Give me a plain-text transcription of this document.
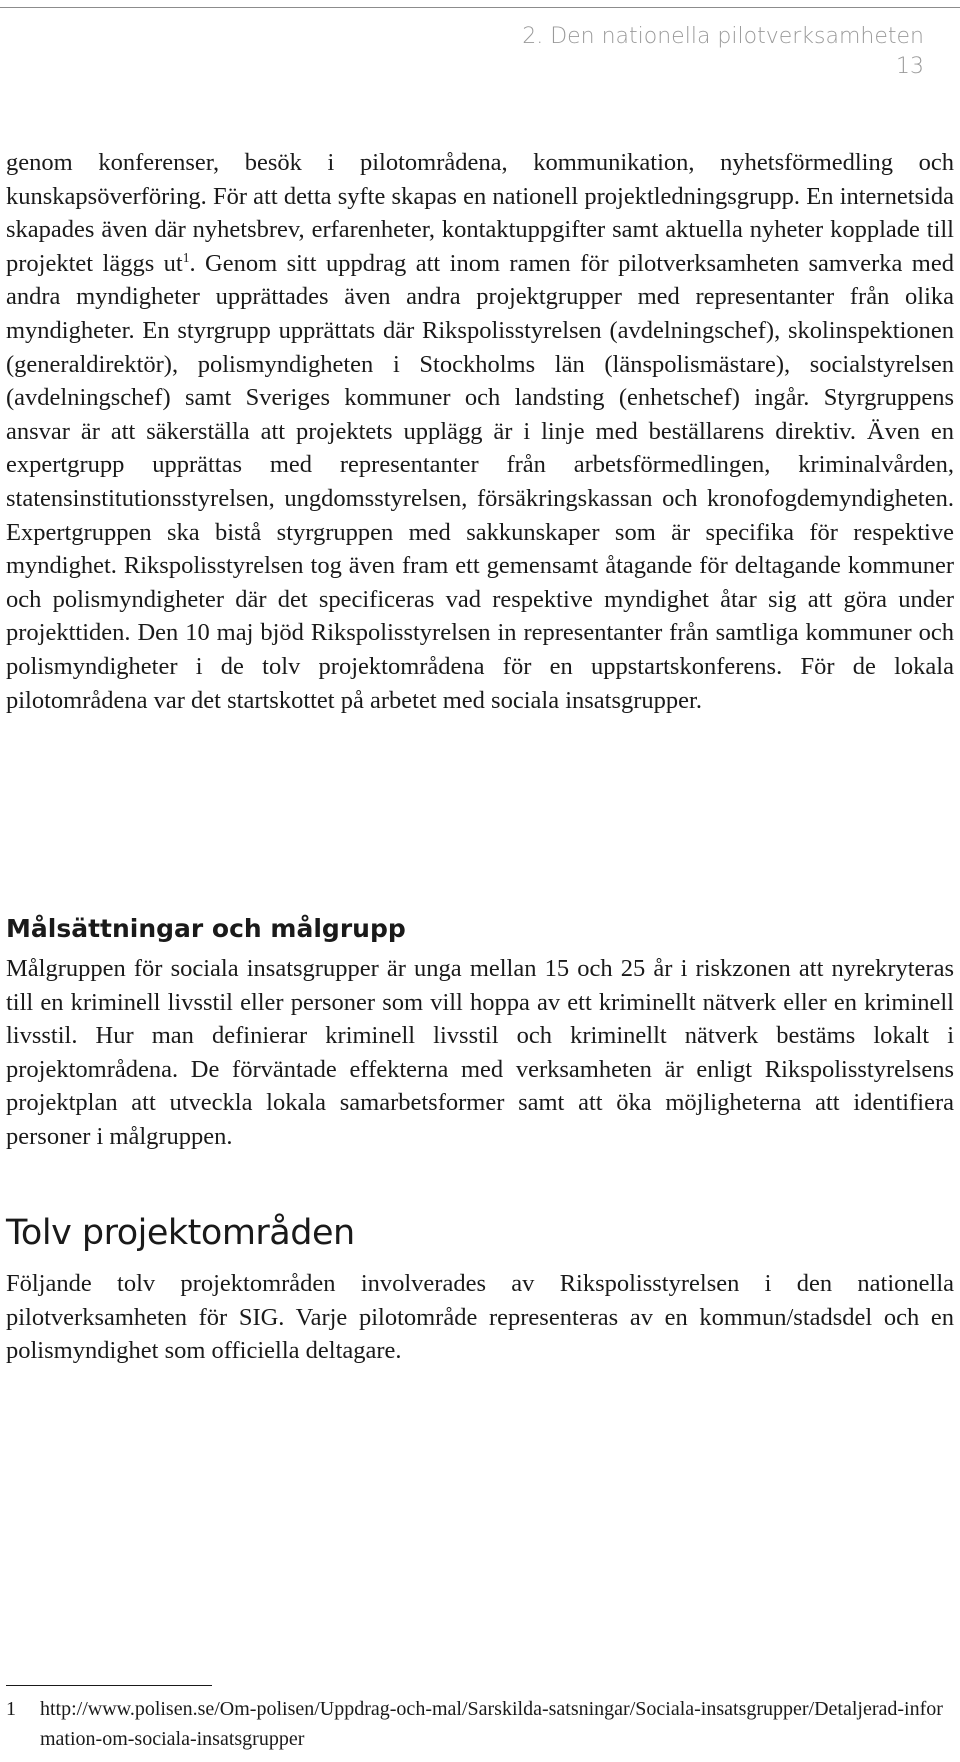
2. Den nationella pilotverksamheten
13

genom konferenser, besök i pilotområdena, kommunikation, nyhetsförmedling och kunskapsöverföring. För att detta syfte skapas en nationell projektledningsgrupp. En internetsida skapades även där nyhetsbrev, erfarenheter, kontaktuppgifter samt aktuella nyheter kopplade till projektet läggs $ut^1$. Genom sitt uppdrag att inom ramen för pilotverksamheten samverka med andra myndigheter upprättades även andra projektgrupper med representanter från olika myndigheter. En styrgrupp upprättats där Rikspolisstyrelsen (avdelningschef), skolinspektionen (generaldirektör), polismyndigheten i Stockholms län (länspolismästare), socialstyrelsen (avdelningschef) samt Sveriges kommuner och landsting (enhetschef) ingår. Styrgruppens ansvar är att säkerställa att projektets upplägg är i linje med beställarens direktiv. Även en expertgrupp upprättas med representanter från arbetsförmedlingen, kriminalvården, statensinstitutionsstyrelsen, ungdomsstyrelsen, försäkringskassan och kronofogdemyndigheten. Expertgruppen ska bistå styrgruppen med sakkunskaper som är specifika för respektive myndighet. Rikspolisstyrelsen tog även fram ett gemensamt åtagande för deltagande kommuner och polismyndigheter där det specificeras vad respektive myndighet åtar sig att göra under projekttiden. Den 10 maj bjöd Rikspolisstyrelsen in representanter från samtliga kommuner och polismyndigheter i de tolv projektområdena för en uppstartskonferens. För de lokala pilotområdena var det startskottet på arbetet med sociala insatsgrupper.

Målsättningar och målgrupp

Målgruppen för sociala insatsgrupper är unga mellan 15 och 25 år i riskzonen att nyrekryteras till en kriminell livsstil eller personer som vill hoppa av ett kriminellt nätverk eller en kriminell livsstil. Hur man definierar kriminell livsstil och kriminellt nätverk bestäms lokalt i projektområdena. De förväntade effekterna med verksamheten är enligt Rikspolisstyrelsens projektplan att utveckla lokala samarbetsformer samt att öka möjligheterna att identifiera personer i målgruppen.

Tolv projektområden

Följande tolv projektområden involverades av Rikspolisstyrelsen i den nationella pilotverksamheten för SIG. Varje pilotområde representeras av en kommun/stadsdel och en polismyndighet som officiella deltagare.

1 http://www.polisen.se/Om-polisen/Uppdrag-och-mal/Sarskilda-satsningar/Sociala-insatsgrupper/Detaljerad-information-om-sociala-insatsgrupper
